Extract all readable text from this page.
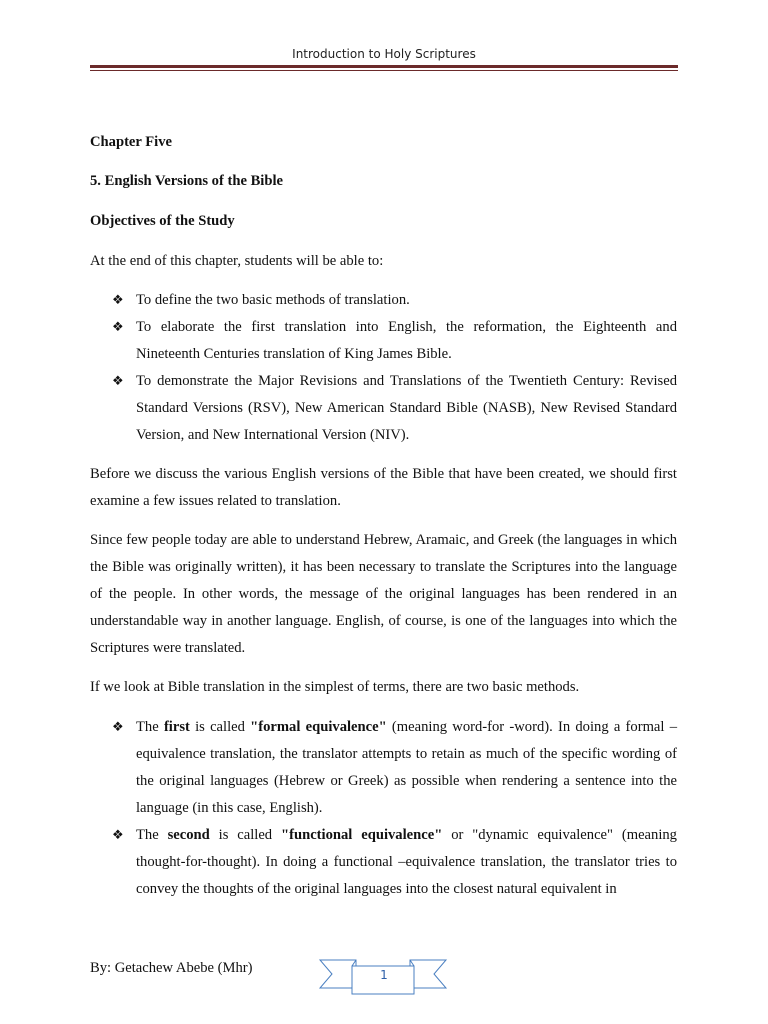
Introduction to Holy Scriptures
Chapter Five
5. English Versions of the Bible
Objectives of the Study
At the end of this chapter, students will be able to:
❖ To define the two basic methods of translation.
❖ To elaborate the first translation into English, the reformation, the Eighteenth and Nineteenth Centuries translation of King James Bible.
❖ To demonstrate the Major Revisions and Translations of the Twentieth Century: Revised Standard Versions (RSV), New American Standard Bible (NASB), New Revised Standard Version, and New International Version (NIV).

Before we discuss the various English versions of the Bible that have been created, we should first examine a few issues related to translation.

Since few people today are able to understand Hebrew, Aramaic, and Greek (the languages in which the Bible was originally written), it has been necessary to translate the Scriptures into the language of the people. In other words, the message of the original languages has been rendered in an understandable way in another language. English, of course, is one of the languages into which the Scriptures were translated.

If we look at Bible translation in the simplest of terms, there are two basic methods.

❖ The first is called "formal equivalence" (meaning word-for -word). In doing a formal –equivalence translation, the translator attempts to retain as much of the specific wording of the original languages (Hebrew or Greek) as possible when rendering a sentence into the language (in this case, English).
❖ The second is called "functional equivalence" or "dynamic equivalence" (meaning thought-for-thought). In doing a functional –equivalence translation, the translator tries to convey the thoughts of the original languages into the closest natural equivalent in
By: Getachew Abebe (Mhr)	1
